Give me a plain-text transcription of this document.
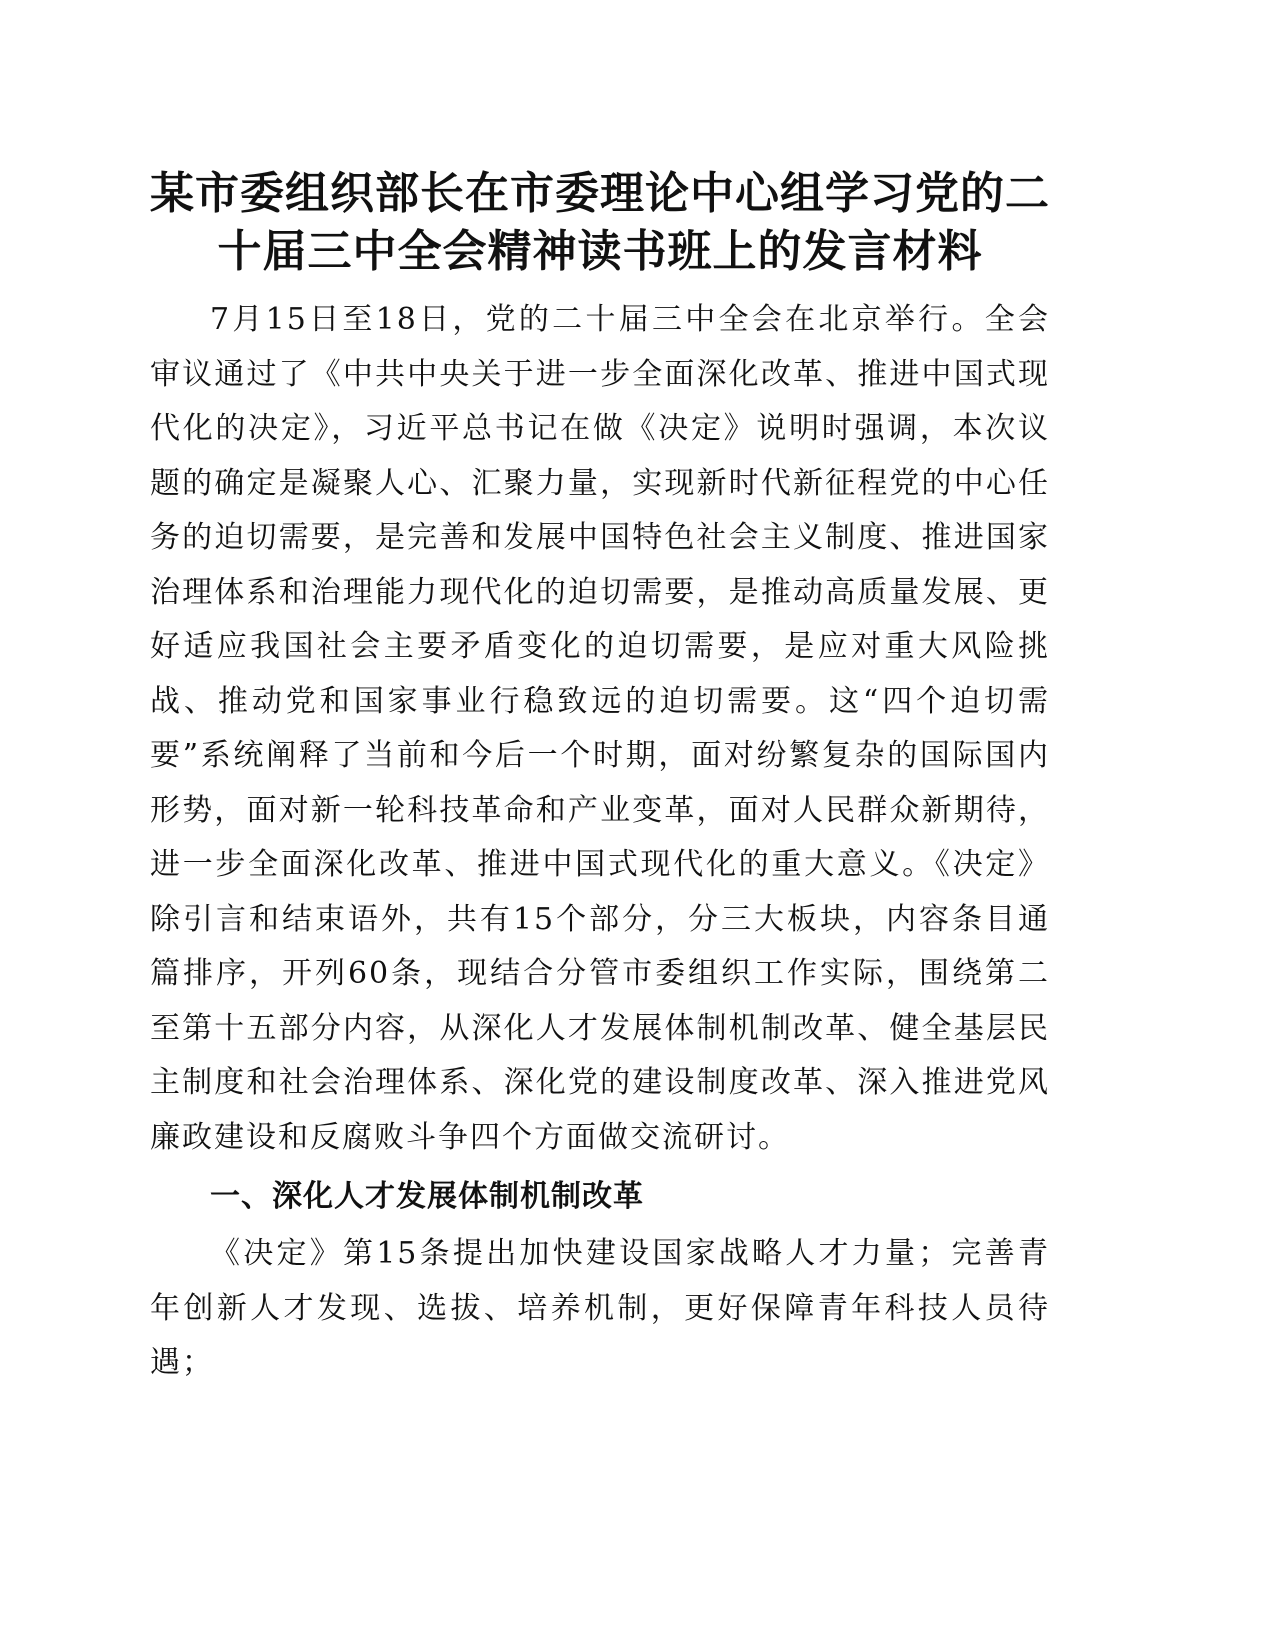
某市委组织部长在市委理论中心组学习党的二十届三中全会精神读书班上的发言材料

7月15日至18日，党的二十届三中全会在北京举行。全会审议通过了《中共中央关于进一步全面深化改革、推进中国式现代化的决定》，习近平总书记在做《决定》说明时强调，本次议题的确定是凝聚人心、汇聚力量，实现新时代新征程党的中心任务的迫切需要，是完善和发展中国特色社会主义制度、推进国家治理体系和治理能力现代化的迫切需要，是推动高质量发展、更好适应我国社会主要矛盾变化的迫切需要，是应对重大风险挑战、推动党和国家事业行稳致远的迫切需要。这“四个迫切需要”系统阐释了当前和今后一个时期，面对纷繁复杂的国际国内形势，面对新一轮科技革命和产业变革，面对人民群众新期待，进一步全面深化改革、推进中国式现代化的重大意义。《决定》除引言和结束语外，共有15个部分，分三大板块，内容条目通篇排序，开列60条，现结合分管市委组织工作实际，围绕第二至第十五部分内容，从深化人才发展体制机制改革、健全基层民主制度和社会治理体系、深化党的建设制度改革、深入推进党风廉政建设和反腐败斗争四个方面做交流研讨。

一、深化人才发展体制机制改革

《决定》第15条提出加快建设国家战略人才力量；完善青年创新人才发现、选拔、培养机制，更好保障青年科技人员待遇；
